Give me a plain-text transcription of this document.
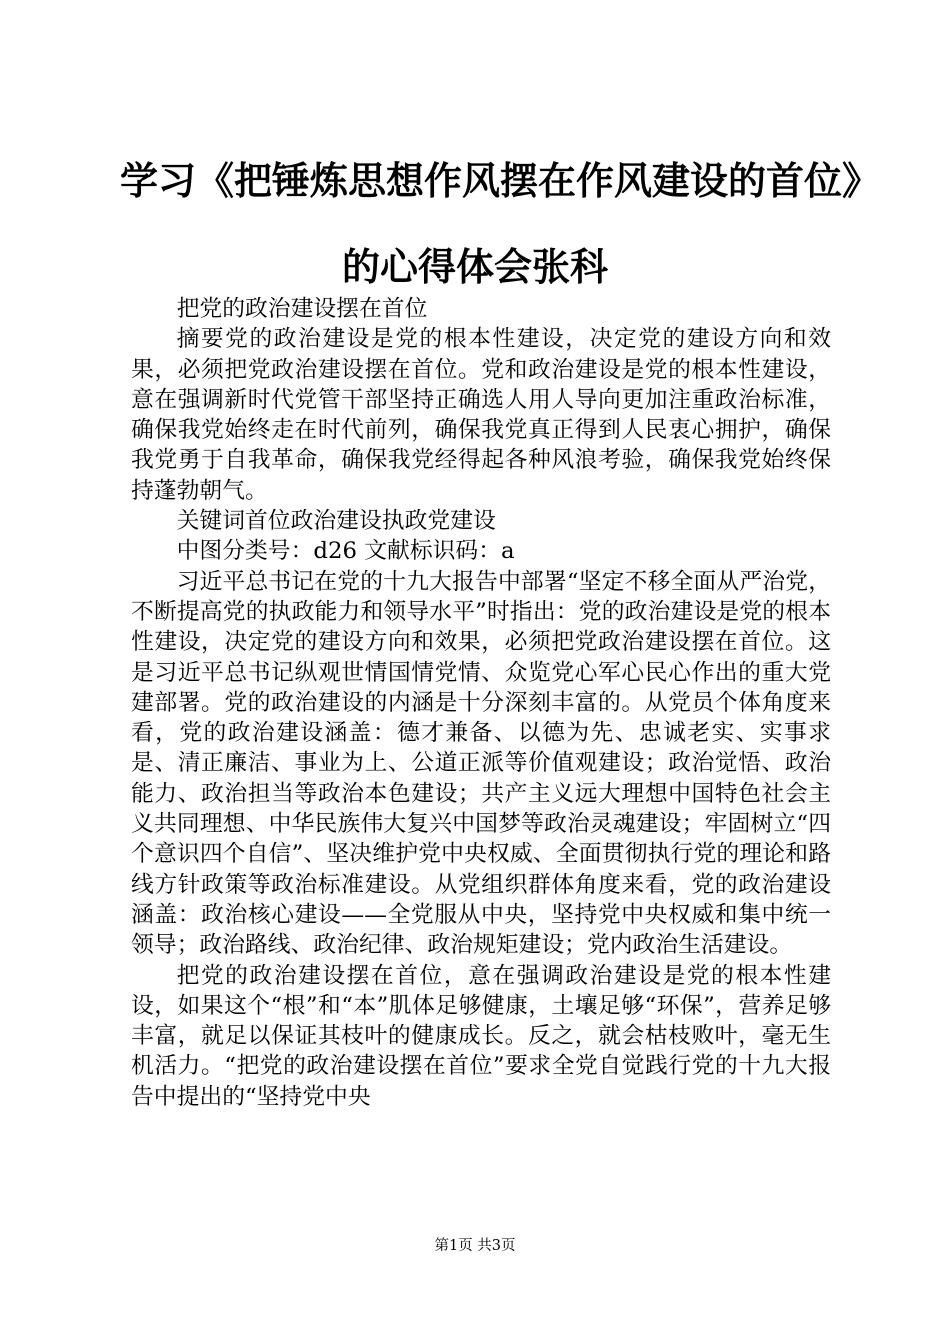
学习《把锤炼思想作风摆在作风建设的首位》
的心得体会张科

把党的政治建设摆在首位

摘要党的政治建设是党的根本性建设，决定党的建设方向和效果，必须把党政治建设摆在首位。党和政治建设是党的根本性建设，意在强调新时代党管干部坚持正确选人用人导向更加注重政治标准，确保我党始终走在时代前列，确保我党真正得到人民衷心拥护，确保我党勇于自我革命，确保我党经得起各种风浪考验，确保我党始终保持蓬勃朝气。

关键词首位政治建设执政党建设

中图分类号：d26 文献标识码：a

习近平总书记在党的十九大报告中部署“坚定不移全面从严治党，不断提高党的执政能力和领导水平”时指出：党的政治建设是党的根本性建设，决定党的建设方向和效果，必须把党政治建设摆在首位。这是习近平总书记纵观世情国情党情、众览党心军心民心作出的重大党建部署。党的政治建设的内涵是十分深刻丰富的。从党员个体角度来看，党的政治建设涵盖：德才兼备、以德为先、忠诚老实、实事求是、清正廉洁、事业为上、公道正派等价值观建设；政治觉悟、政治能力、政治担当等政治本色建设；共产主义远大理想中国特色社会主义共同理想、中华民族伟大复兴中国梦等政治灵魂建设；牢固树立“四个意识四个自信”、坚决维护党中央权威、全面贯彻执行党的理论和路线方针政策等政治标准建设。从党组织群体角度来看，党的政治建设涵盖：政治核心建设——全党服从中央，坚持党中央权威和集中统一领导；政治路线、政治纪律、政治规矩建设；党内政治生活建设。

把党的政治建设摆在首位，意在强调政治建设是党的根本性建设，如果这个“根”和“本”肌体足够健康，土壤足够“环保”，营养足够丰富，就足以保证其枝叶的健康成长。反之，就会枯枝败叶，毫无生机活力。“把党的政治建设摆在首位”要求全党自觉践行党的十九大报告中提出的“坚持党中央

第1页 共3页
